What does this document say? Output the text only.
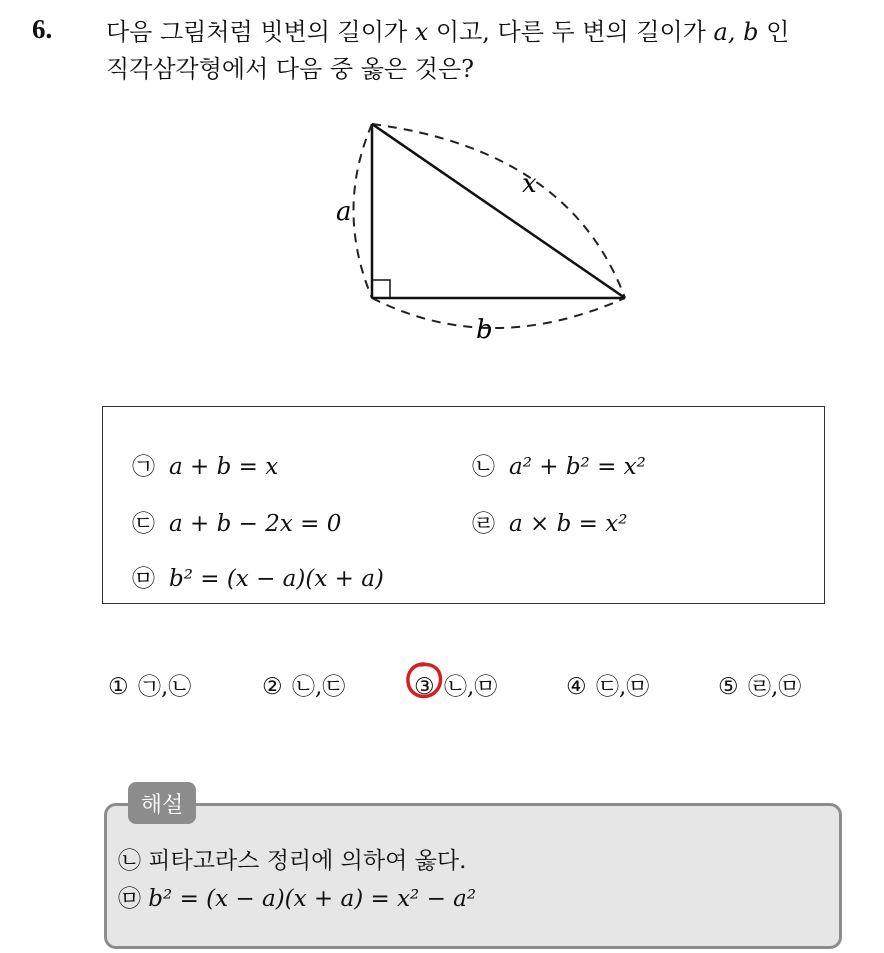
6. 다음 그림처럼 빗변의 길이가 x 이고, 다른 두 변의 길이가 a, b 인
직각삼각형에서 다음 중 옳은 것은?
a
x
b
㉠ a + b = x	㉡ a² + b² = x²
㉢ a + b − 2x = 0	㉣ a × b = x²
㉤ b² = (x − a)(x + a)
① ㉠,㉡	② ㉡,㉢	③ ㉡,㉤	④ ㉢,㉤	⑤ ㉣,㉤
해설
㉡ 피타고라스 정리에 의하여 옳다.
㉤ b² = (x − a)(x + a) = x² − a²
